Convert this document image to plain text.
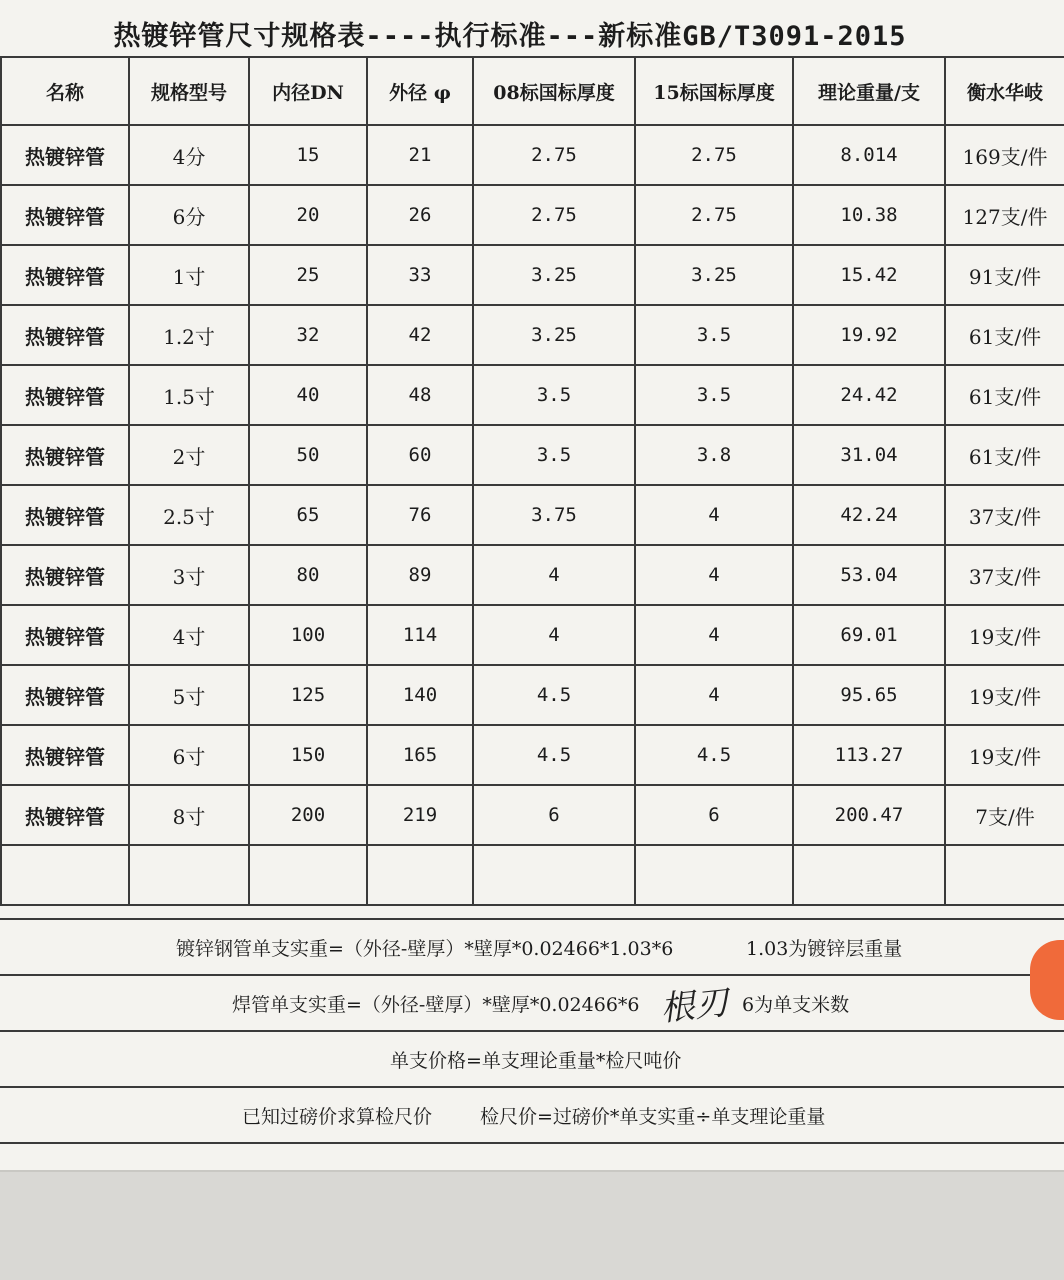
热镀锌管尺寸规格表----执行标准---新标准GB/T3091-2015
名称	规格型号	内径DN	外径 φ	08标国标厚度	15标国标厚度	理论重量/支	衡水华岐
热镀锌管	4分	15	21	2.75	2.75	8.014	169支/件
热镀锌管	6分	20	26	2.75	2.75	10.38	127支/件
热镀锌管	1寸	25	33	3.25	3.25	15.42	91支/件
热镀锌管	1.2寸	32	42	3.25	3.5	19.92	61支/件
热镀锌管	1.5寸	40	48	3.5	3.5	24.42	61支/件
热镀锌管	2寸	50	60	3.5	3.8	31.04	61支/件
热镀锌管	2.5寸	65	76	3.75	4	42.24	37支/件
热镀锌管	3寸	80	89	4	4	53.04	37支/件
热镀锌管	4寸	100	114	4	4	69.01	19支/件
热镀锌管	5寸	125	140	4.5	4	95.65	19支/件
热镀锌管	6寸	150	165	4.5	4.5	113.27	19支/件
热镀锌管	8寸	200	219	6	6	200.47	7支/件

镀锌钢管单支实重=（外径-壁厚）*壁厚*0.02466*1.03*6	1.03为镀锌层重量
焊管单支实重=（外径-壁厚）*壁厚*0.02466*6	6为单支米数
根刃
单支价格=单支理论重量*检尺吨价
已知过磅价求算检尺价	检尺价=过磅价*单支实重÷单支理论重量
